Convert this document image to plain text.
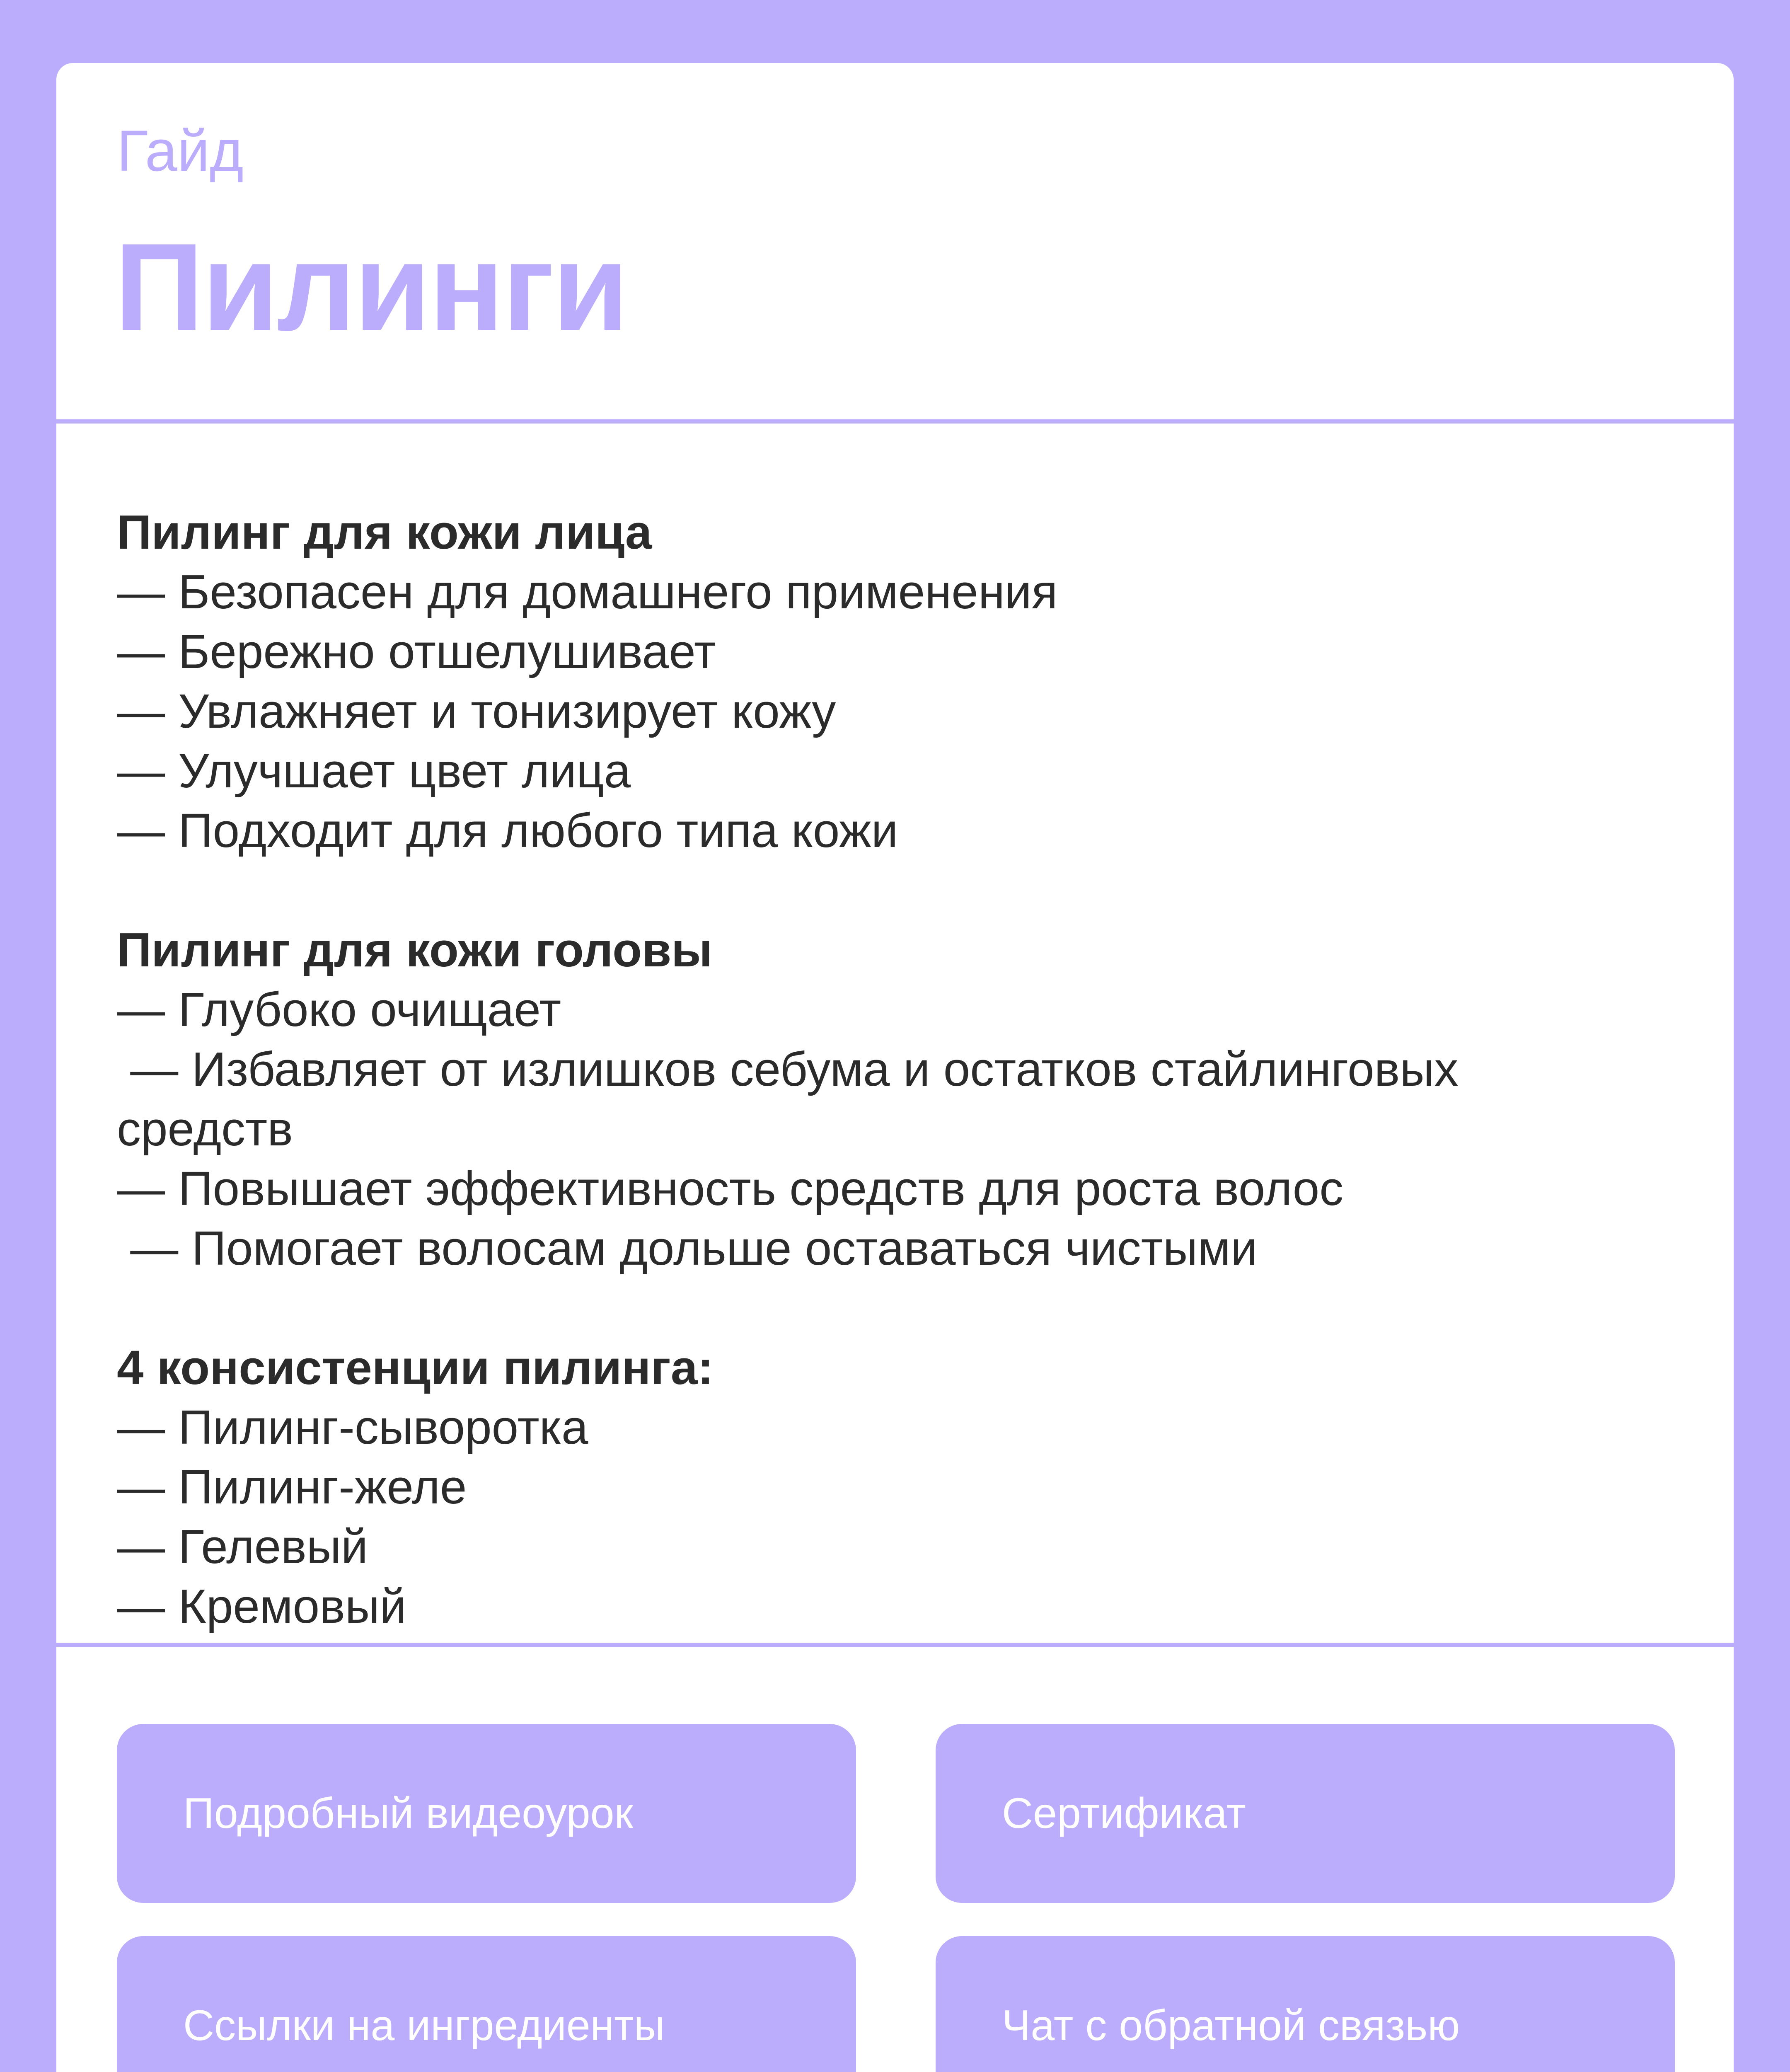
Гайд
Пилинги
Пилинг для кожи лица
— Безопасен для домашнего применения
— Бережно отшелушивает
— Увлажняет и тонизирует кожу
— Улучшает цвет лица
— Подходит для любого типа кожи
Пилинг для кожи головы
— Глубоко очищает
— Избавляет от излишков себума и остатков стайлинговых средств
— Повышает эффективность средств для роста волос
— Помогает волосам дольше оставаться чистыми
4 консистенции пилинга:
— Пилинг-сыворотка
— Пилинг-желе
— Гелевый
— Кремовый
Подробный видеоурок	Сертификат
Ссылки на ингредиенты	Чат с обратной связью
